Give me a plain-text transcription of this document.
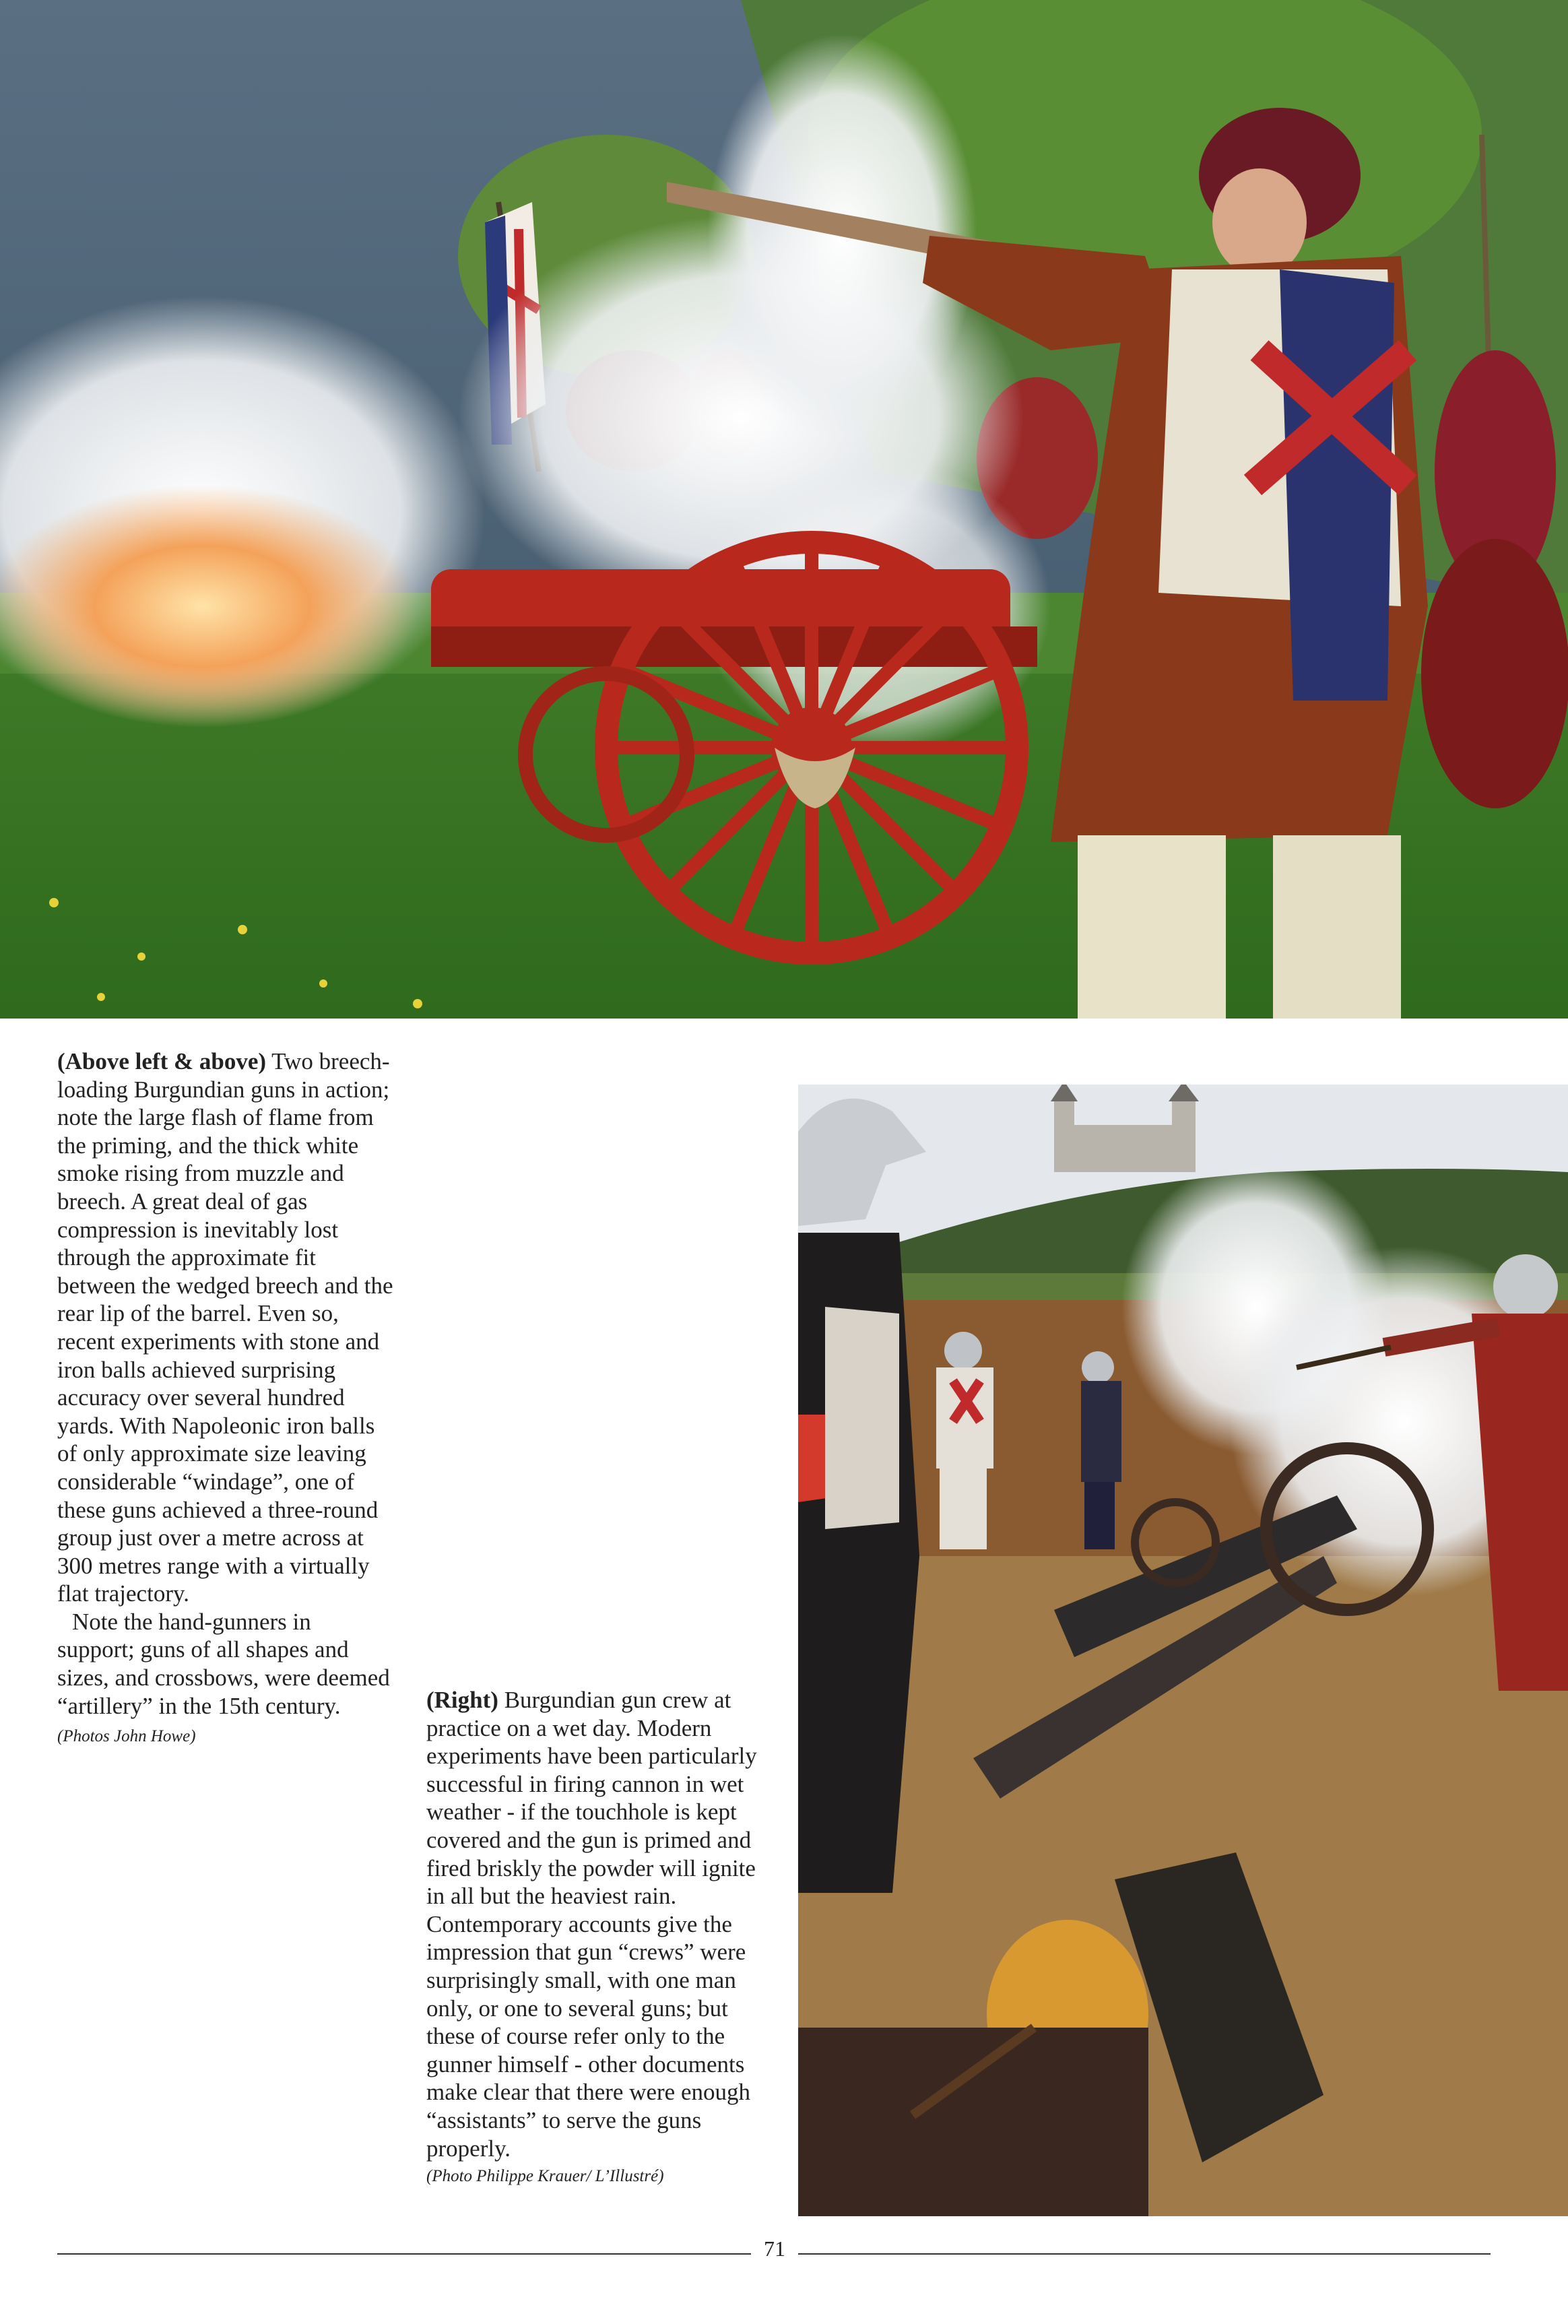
(Above left & above) Two breech-loading Burgundian guns in action; note the large flash of flame from the priming, and the thick white smoke rising from muzzle and breech. A great deal of gas compression is inevitably lost through the approximate fit between the wedged breech and the rear lip of the barrel. Even so, recent experiments with stone and iron balls achieved surprising accuracy over several hundred yards. With Napoleonic iron balls of only approximate size leaving considerable “windage”, one of these guns achieved a three-round group just over a metre across at 300 metres range with a virtually flat trajectory.

Note the hand-gunners in support; guns of all shapes and sizes, and crossbows, were deemed “artillery” in the 15th century. (Photos John Howe)

(Right) Burgundian gun crew at practice on a wet day. Modern experiments have been particularly successful in firing cannon in wet weather - if the touchhole is kept covered and the gun is primed and fired briskly the powder will ignite in all but the heaviest rain. Contemporary accounts give the impression that gun “crews” were surprisingly small, with one man only, or one to several guns; but these of course refer only to the gunner himself - other documents make clear that there were enough “assistants” to serve the guns properly.

(Photo Philippe Krauer/ L’Illustré)

71
